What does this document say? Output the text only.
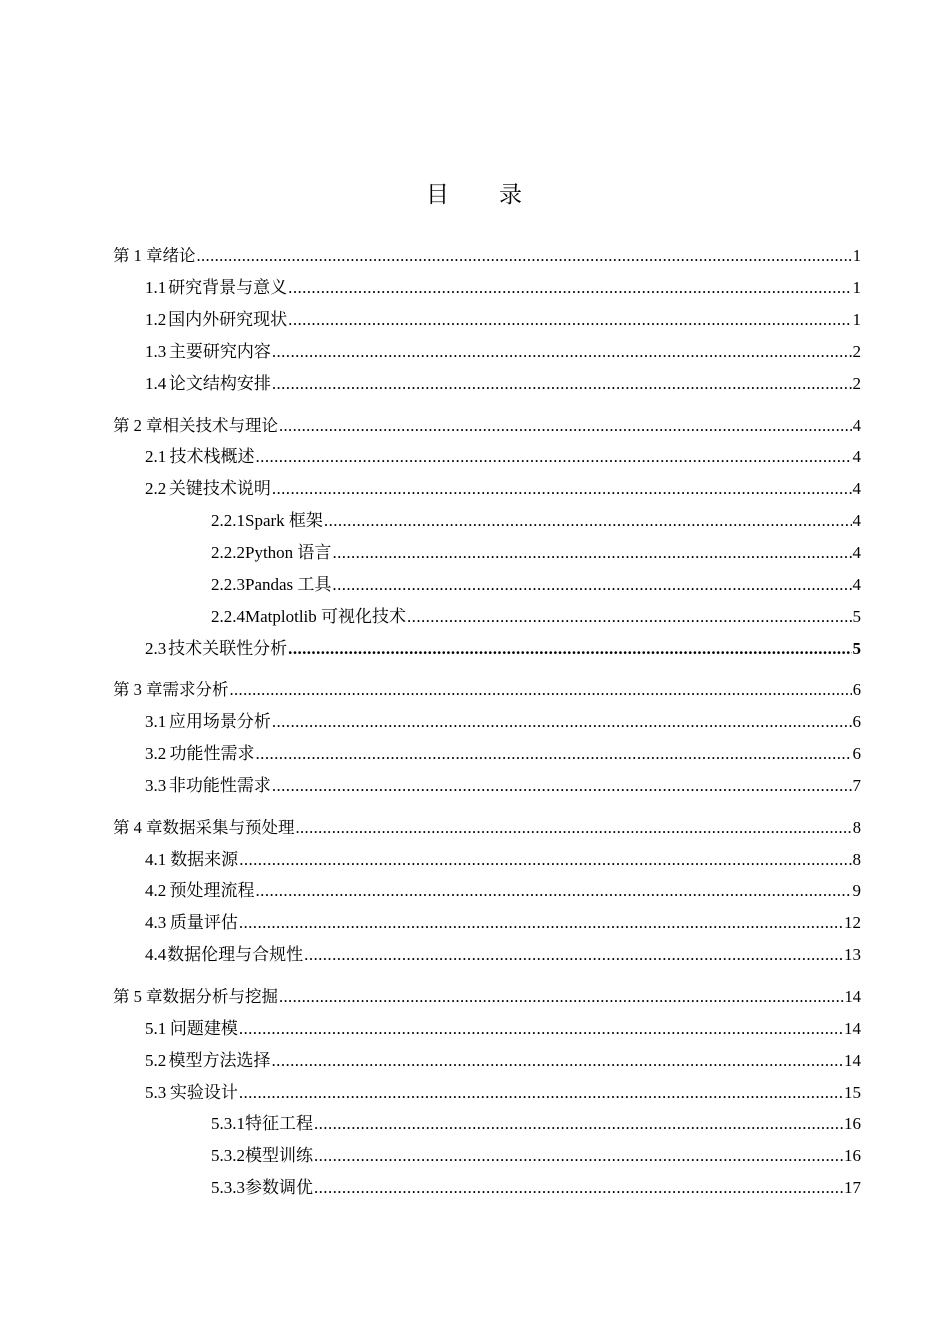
目 录
第 1 章 绪论 .....	1
1.1 研究背景与意义 .....	1
1.2 国内外研究现状 .....	1
1.3 主要研究内容 .....	2
1.4 论文结构安排 .....	2
第 2 章 相关技术与理论 .....	4
2.1 技术栈概述 .....	4
2.2 关键技术说明 .....	4
2.2.1 Spark 框架 .....	4
2.2.2 Python 语言 .....	4
2.2.3 Pandas 工具 .....	4
2.2.4 Matplotlib 可视化技术 .....	5
2.3 技术关联性分析 .....	5
第 3 章 需求分析 .....	6
3.1 应用场景分析 .....	6
3.2 功能性需求 .....	6
3.3 非功能性需求 .....	7
第 4 章 数据采集与预处理 .....	8
4.1 数据来源 .....	8
4.2 预处理流程 .....	9
4.3 质量评估 .....	12
4.4 数据伦理与合规性 .....	13
第 5 章 数据分析与挖掘 .....	14
5.1 问题建模 .....	14
5.2 模型方法选择 .....	14
5.3 实验设计 .....	15
5.3.1 特征工程 .....	16
5.3.2 模型训练 .....	16
5.3.3 参数调优 .....	17
